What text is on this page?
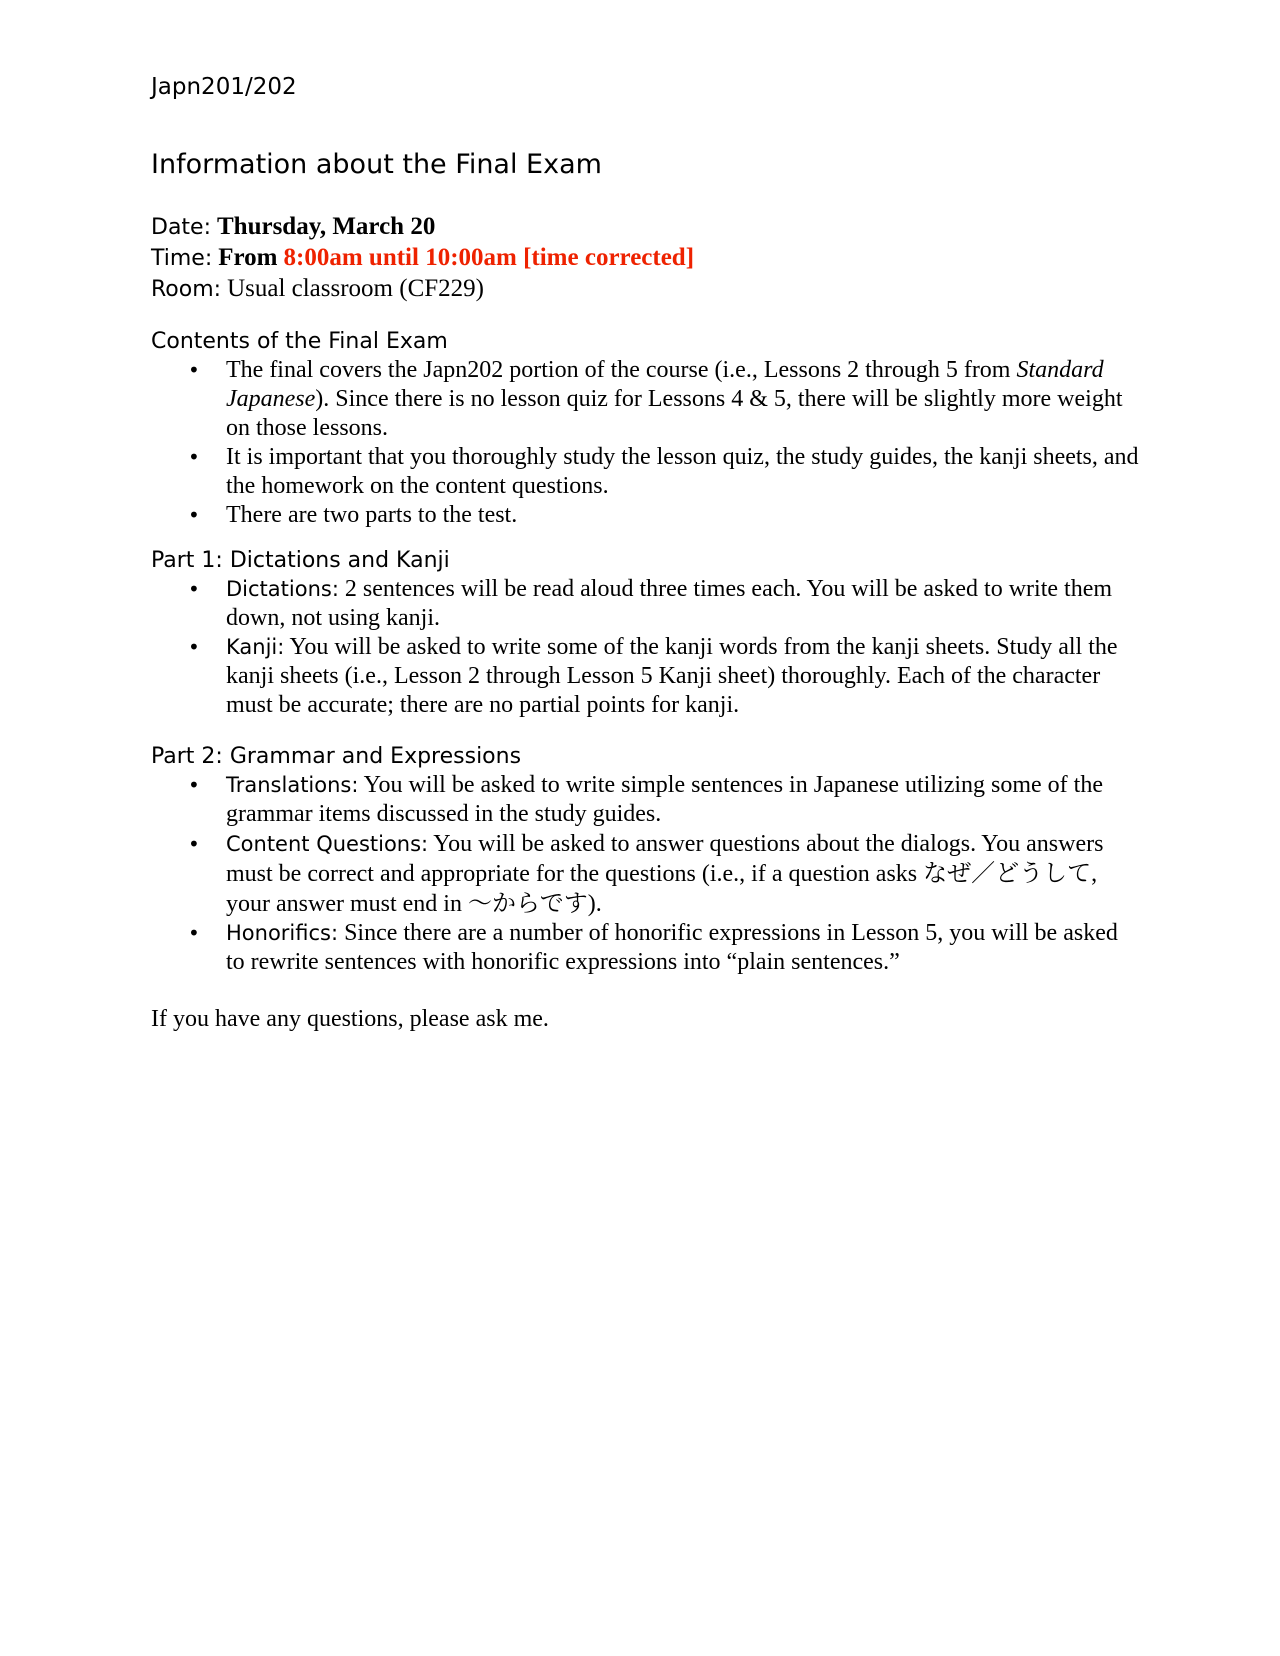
Japn201/202
Information about the Final Exam
Date: Thursday, March 20
Time: From 8:00am until 10:00am [time corrected]
Room: Usual classroom (CF229)
Contents of the Final Exam
• The final covers the Japn202 portion of the course (i.e., Lessons 2 through 5 from Standard Japanese). Since there is no lesson quiz for Lessons 4 & 5, there will be slightly more weight on those lessons.
• It is important that you thoroughly study the lesson quiz, the study guides, the kanji sheets, and the homework on the content questions.
• There are two parts to the test.
Part 1: Dictations and Kanji
• Dictations: 2 sentences will be read aloud three times each. You will be asked to write them down, not using kanji.
• Kanji: You will be asked to write some of the kanji words from the kanji sheets. Study all the kanji sheets (i.e., Lesson 2 through Lesson 5 Kanji sheet) thoroughly. Each of the character must be accurate; there are no partial points for kanji.
Part 2: Grammar and Expressions
• Translations: You will be asked to write simple sentences in Japanese utilizing some of the grammar items discussed in the study guides.
• Content Questions: You will be asked to answer questions about the dialogs. You answers must be correct and appropriate for the questions (i.e., if a question asks なぜ／どうして, your answer must end in ～からです).
• Honorifics: Since there are a number of honorific expressions in Lesson 5, you will be asked to rewrite sentences with honorific expressions into “plain sentences.”
If you have any questions, please ask me.
